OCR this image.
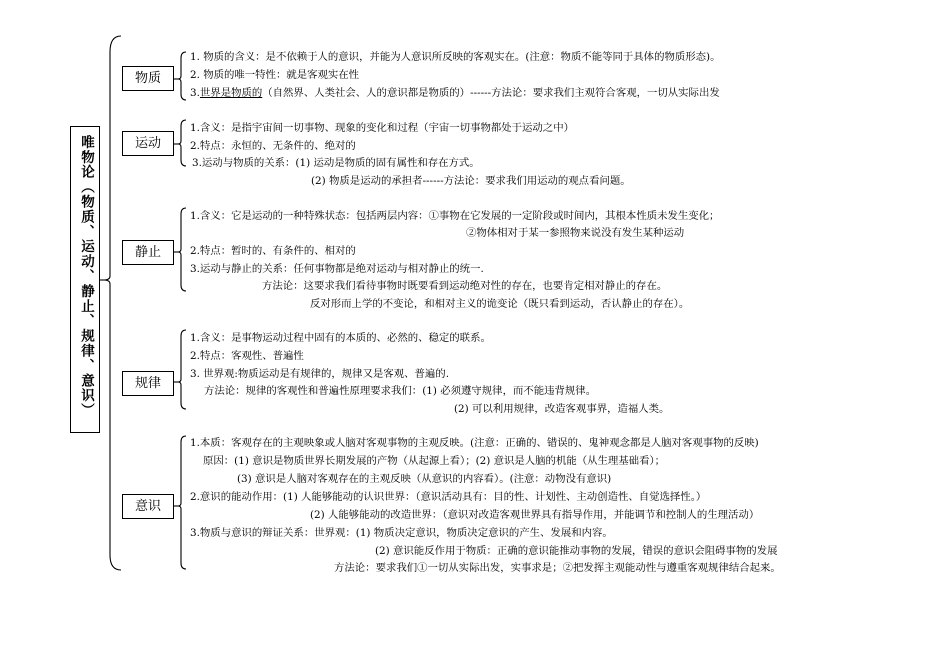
唯物论（物质、运动、静止、规律、意识）
物质
1. 物质的含义：是不依赖于人的意识，并能为人意识所反映的客观实在。(注意：物质不能等同于具体的物质形态)。
2. 物质的唯一特性：就是客观实在性
3.世界是物质的（自然界、人类社会、人的意识都是物质的）------方法论：要求我们主观符合客观，一切从实际出发
运动
1.含义：是指宇宙间一切事物、现象的变化和过程（宇宙一切事物都处于运动之中）
2.特点：永恒的、无条件的、绝对的
3.运动与物质的关系：(1) 运动是物质的固有属性和存在方式。
(2) 物质是运动的承担者------方法论：要求我们用运动的观点看问题。
静止
1.含义：它是运动的一种特殊状态：包括两层内容：①事物在它发展的一定阶段或时间内，其根本性质未发生变化；
②物体相对于某一参照物来说没有发生某种运动
2.特点：暂时的、有条件的、相对的
3.运动与静止的关系：任何事物都是绝对运动与相对静止的统一.
方法论：这要求我们看待事物时既要看到运动绝对性的存在，也要肯定相对静止的存在。
反对形而上学的不变论，和相对主义的诡变论（既只看到运动，否认静止的存在）。
规律
1.含义：是事物运动过程中固有的本质的、必然的、稳定的联系。
2.特点：客观性、普遍性
3. 世界观:物质运动是有规律的，规律又是客观、普遍的.
方法论：规律的客观性和普遍性原理要求我们：(1) 必须遵守规律，而不能违背规律。
(2) 可以利用规律，改造客观事界，造福人类。
意识
1.本质：客观存在的主观映象或人脑对客观事物的主观反映。(注意：正确的、错误的、鬼神观念都是人脑对客观事物的反映)
原因：(1) 意识是物质世界长期发展的产物（从起源上看）；(2) 意识是人脑的机能（从生理基础看）；
(3) 意识是人脑对客观存在的主观反映（从意识的内容看）。(注意：动物没有意识)
2.意识的能动作用：(1) 人能够能动的认识世界：（意识活动具有：目的性、计划性、主动创造性、自觉选择性。）
(2) 人能够能动的改造世界：（意识对改造客观世界具有指导作用，并能调节和控制人的生理活动）
3.物质与意识的辩证关系：世界观：(1) 物质决定意识，物质决定意识的产生、发展和内容。
(2) 意识能反作用于物质：正确的意识能推动事物的发展，错误的意识会阻碍事物的发展
方法论：要求我们①一切从实际出发，实事求是；②把发挥主观能动性与遵重客观规律结合起来。
